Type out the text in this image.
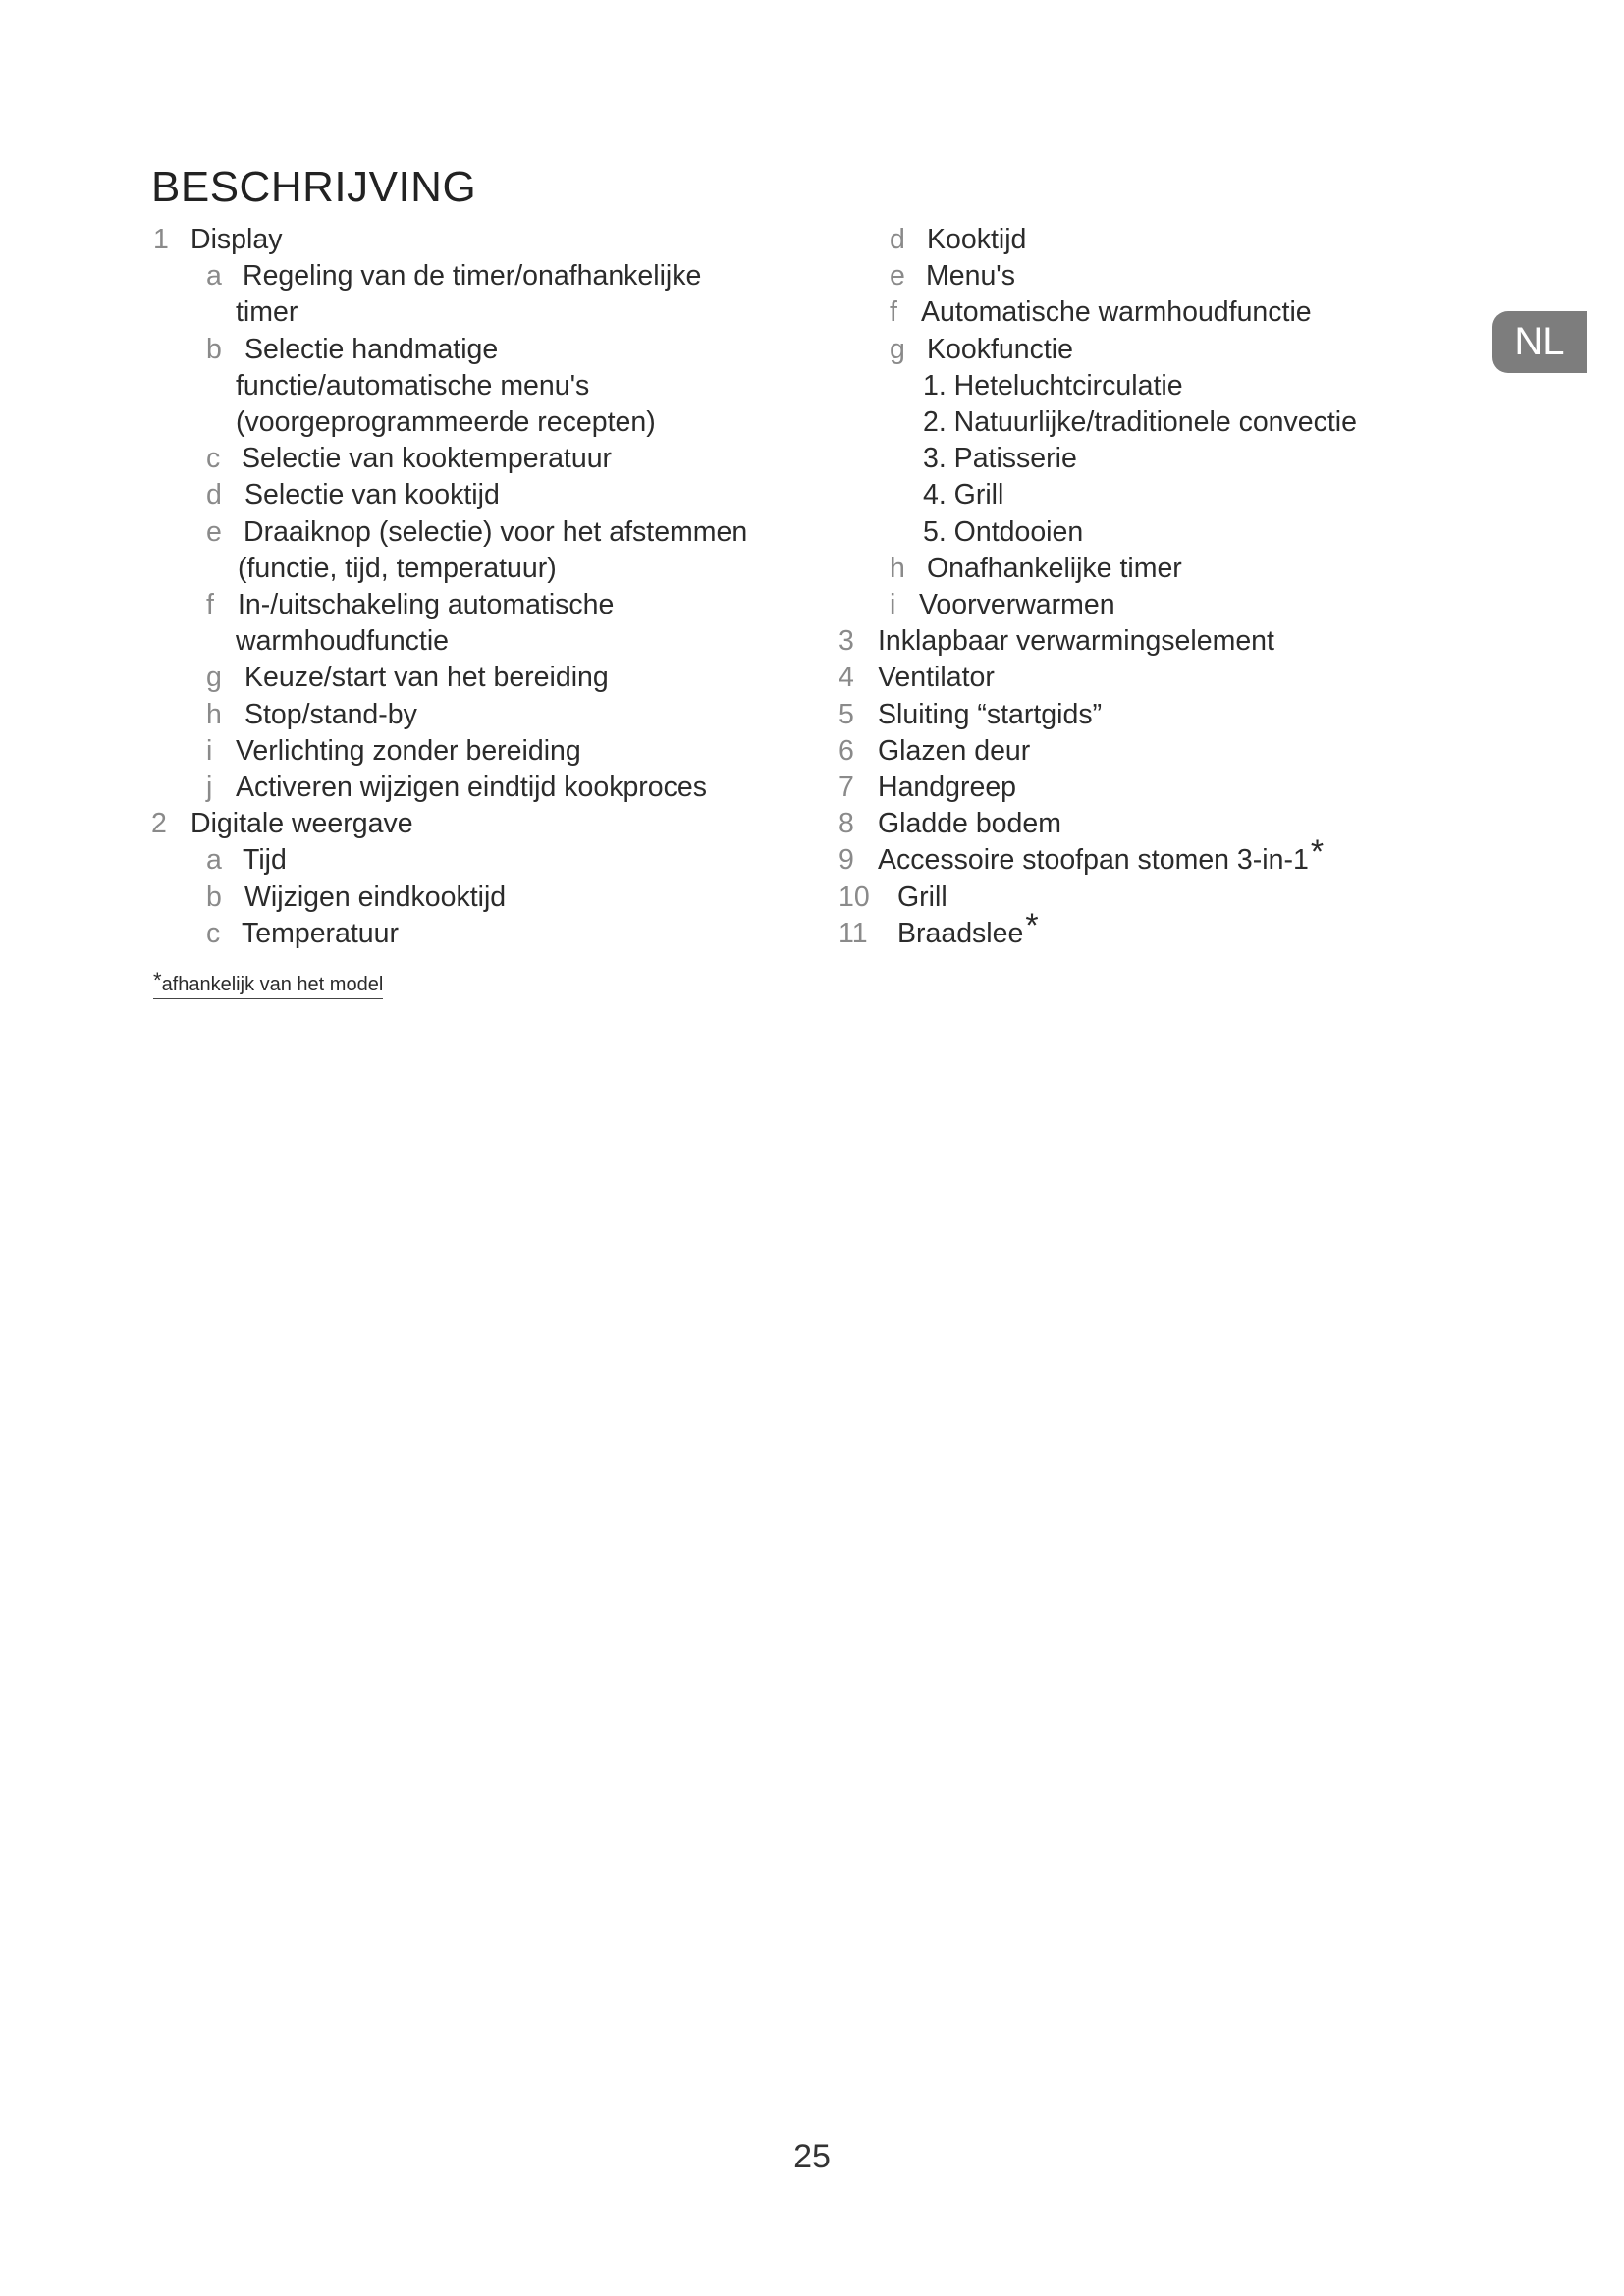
BESCHRIJVING
1 Display
a Regeling van de timer/onafhankelijke
timer
b Selectie handmatige
functie/automatische menu's
(voorgeprogrammeerde recepten)
c Selectie van kooktemperatuur
d Selectie van kooktijd
e Draaiknop (selectie) voor het afstemmen
(functie, tijd, temperatuur)
f In-/uitschakeling automatische
warmhoudfunctie
g Keuze/start van het bereiding
h Stop/stand-by
i Verlichting zonder bereiding
j Activeren wijzigen eindtijd kookproces
2 Digitale weergave
a Tijd
b Wijzigen eindkooktijd
c Temperatuur
d Kooktijd
e Menu's
f Automatische warmhoudfunctie
g Kookfunctie
1. Heteluchtcirculatie
2. Natuurlijke/traditionele convectie
3. Patisserie
4. Grill
5. Ontdooien
h Onafhankelijke timer
i Voorverwarmen
3 Inklapbaar verwarmingselement
4 Ventilator
5 Sluiting “startgids”
6 Glazen deur
7 Handgreep
8 Gladde bodem
9 Accessoire stoofpan stomen 3-in-1*
10 Grill
11 Braadslee*
*afhankelijk van het model
NL
25
